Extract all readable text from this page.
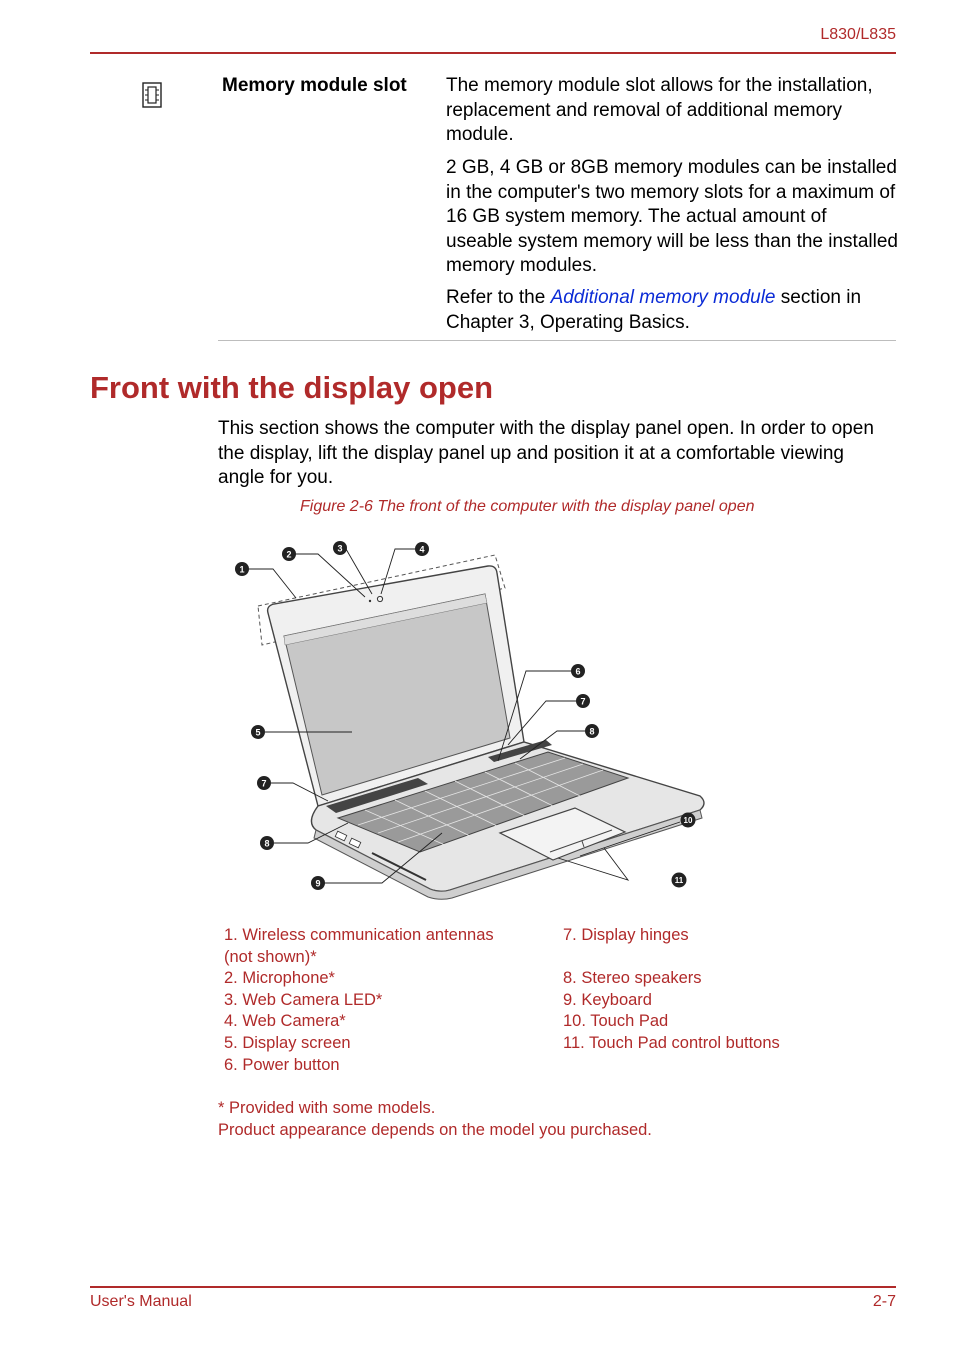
L830/L835
Memory module slot The memory module slot allows for the installation, replacement and removal of additional memory module.

2 GB, 4 GB or 8GB memory modules can be installed in the computer's two memory slots for a maximum of 16 GB system memory. The actual amount of useable system memory will be less than the installed memory modules.

Refer to the Additional memory module section in Chapter 3, Operating Basics.

Front with the display open

This section shows the computer with the display panel open. In order to open the display, lift the display panel up and position it at a comfortable viewing angle for you.

Figure 2-6 The front of the computer with the display panel open
1
2
3	4
5
6
7
8
7
8
9
10
11
1. Wireless communication antennas
(not shown)*
2. Microphone*
3. Web Camera LED*
4. Web Camera*
5. Display screen
6. Power button
7. Display hinges

8. Stereo speakers
9. Keyboard
10. Touch Pad
11. Touch Pad control buttons
* Provided with some models.
Product appearance depends on the model you purchased.
User's Manual	2-7
